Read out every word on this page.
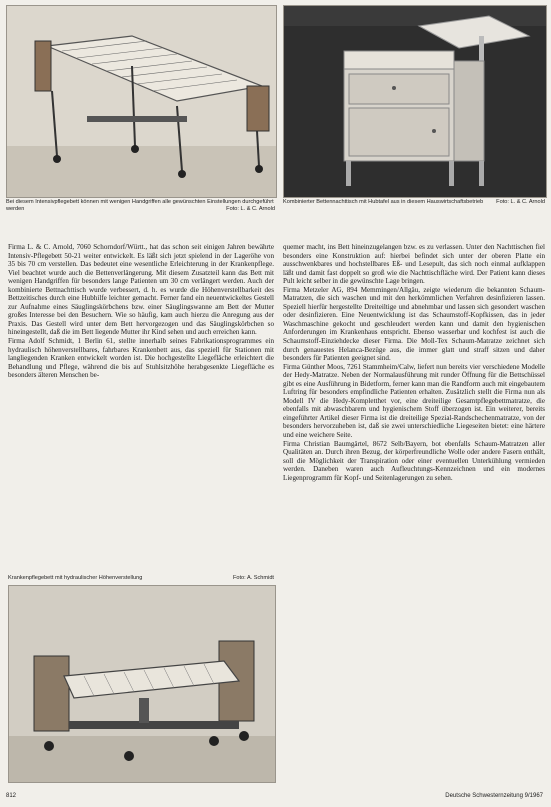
Bei diesem Intensivpflegebett können mit wenigen Handgriffen alle gewünschten Einstellungen durchgeführt werden	Foto: L. & C. Arnold
Kombinierter Bettennachttisch mit Hubtafel aus in diesem Hauswirtschaftsbetrieb Foto: L. & C. Arnold

Firma L. & C. Arnold, 7060 Schorndorf/Württ., hat das schon seit einigen Jahren bewährte Intensiv-Pflegebett 50-21 weiter entwickelt. Es läßt sich jetzt spielend in der Lageröhe von 35 bis 70 cm verstellen. Das bedeutet eine wesentliche Erleichterung in der Krankenpflege. Viel beachtet wurde auch die Bettenverlängerung. Mit diesem Zusatzteil kann das Bett mit wenigen Handgriffen für besonders lange Patienten um 30 cm verlängert werden. Auch der kombinierte Bettnachttisch wurde verbessert, d. h. es wurde die Höhenverstellbarkeit des Bettzeitisches durch eine Hubhilfe leichter gemacht. Ferner fand ein neuentwickeltes Gestell zur Aufnahme eines Säuglingskörbchens bzw. einer Säuglingswanne am Bett der Mutter großes Interesse bei den Besuchern. Wie so häufig, kam auch hierzu die Anregung aus der Praxis. Das Gestell wird unter dem Bett hervorgezogen und das Säuglingskörbchen so hineingestellt, daß die im Bett liegende Mutter ihr Kind sehen und auch erreichen kann.

Firma Adolf Schmidt, 1 Berlin 61, stellte innerhalb seines Fabrikationsprogrammes ein hydraulisch höhenverstellbares, fahrbares Krankenbett aus, das speziell für Stationen mit langliegenden Kranken entwickelt worden ist. Die hochgestellte Liegefläche erleichtert die Behandlung und Pflege, während die bis auf Stuhlsitzhöhe herabgesenkte Liegefläche es besonders älteren Menschen be-

Krankenpflegebett mit hydraulischer Höhenverstellung	Foto: A. Schmidt

quemer macht, ins Bett hineinzugelangen bzw. es zu verlassen. Unter den Nachttischen fiel besonders eine Konstruktion auf: hierbei befindet sich unter der oberen Platte ein ausschwenkbares und hochstellbares Eß- und Lesepult, das sich noch einmal aufklappen läßt und damit fast doppelt so groß wie die Nachttischfläche wird. Der Patient kann dieses Pult leicht selber in die gewünschte Lage bringen.

Firma Metzeler AG, 894 Memmingen/Allgäu, zeigte wiederum die bekannten Schaum-Matratzen, die sich waschen und mit den herkömmlichen Verfahren desinfizieren lassen. Speziell hierfür hergestellte Dreiteiltige und abnehmbar und lassen sich gesondert waschen oder desinfizieren. Eine Neuentwicklung ist das Schaumstoff-Kopfkissen, das in jeder Waschmaschine gekocht und geschleudert werden kann und damit den hygienischen Anforderungen im Krankenhaus entspricht. Ebenso wasserbar und kochfest ist auch die Schaumstoff-Einziehdecke dieser Firma. Die Moll-Tex Schaum-Matratze zeichnet sich durch genauestes Helanca-Bezüge aus, die immer glatt und straff sitzen und daher besonders für Patienten geeignet sind.

Firma Günther Moos, 7261 Stammheim/Calw, liefert nun bereits vier verschiedene Modelle der Hedy-Matratze. Neben der Normalausführung mit runder Öffnung für die Bettschüssel gibt es eine Ausführung in Bidetform, ferner kann man die Randform auch mit eingebautem Luftring für besonders empfindliche Patienten erhalten. Zusätzlich stellt die Firma nun als Modell IV die Hedy-Kompletthet vor, eine dreiteilige Gesamtpflegebettmatratze, die ebenfalls mit abwaschbarem und hygienischem Stoff überzogen ist. Ein weiterer, bereits eingeführter Artikel dieser Firma ist die dreiteilige Spezial-Randschechenmatratze, von der besonders hervorzuheben ist, daß sie zwei unterschiedliche Liegeseiten bietet: eine härtere und eine weichere Seite.

Firma Christian Baumgärtel, 8672 Selb/Bayern, bot ebenfalls Schaum-Matratzen aller Qualitäten an. Durch ihren Bezug, der körperfreundliche Wolle oder andere Fasern enthält, soll die Möglichkeit der Transpiration oder einer eventuellen Unterkühlung vermieden werden. Daneben waren auch Aufleuchtungs-Kennzeichnen und ein modernes Liegenprogramm für Kopf- und Seitenlagerungen zu sehen.

812	Deutsche Schwesternzeitung 9/1967
